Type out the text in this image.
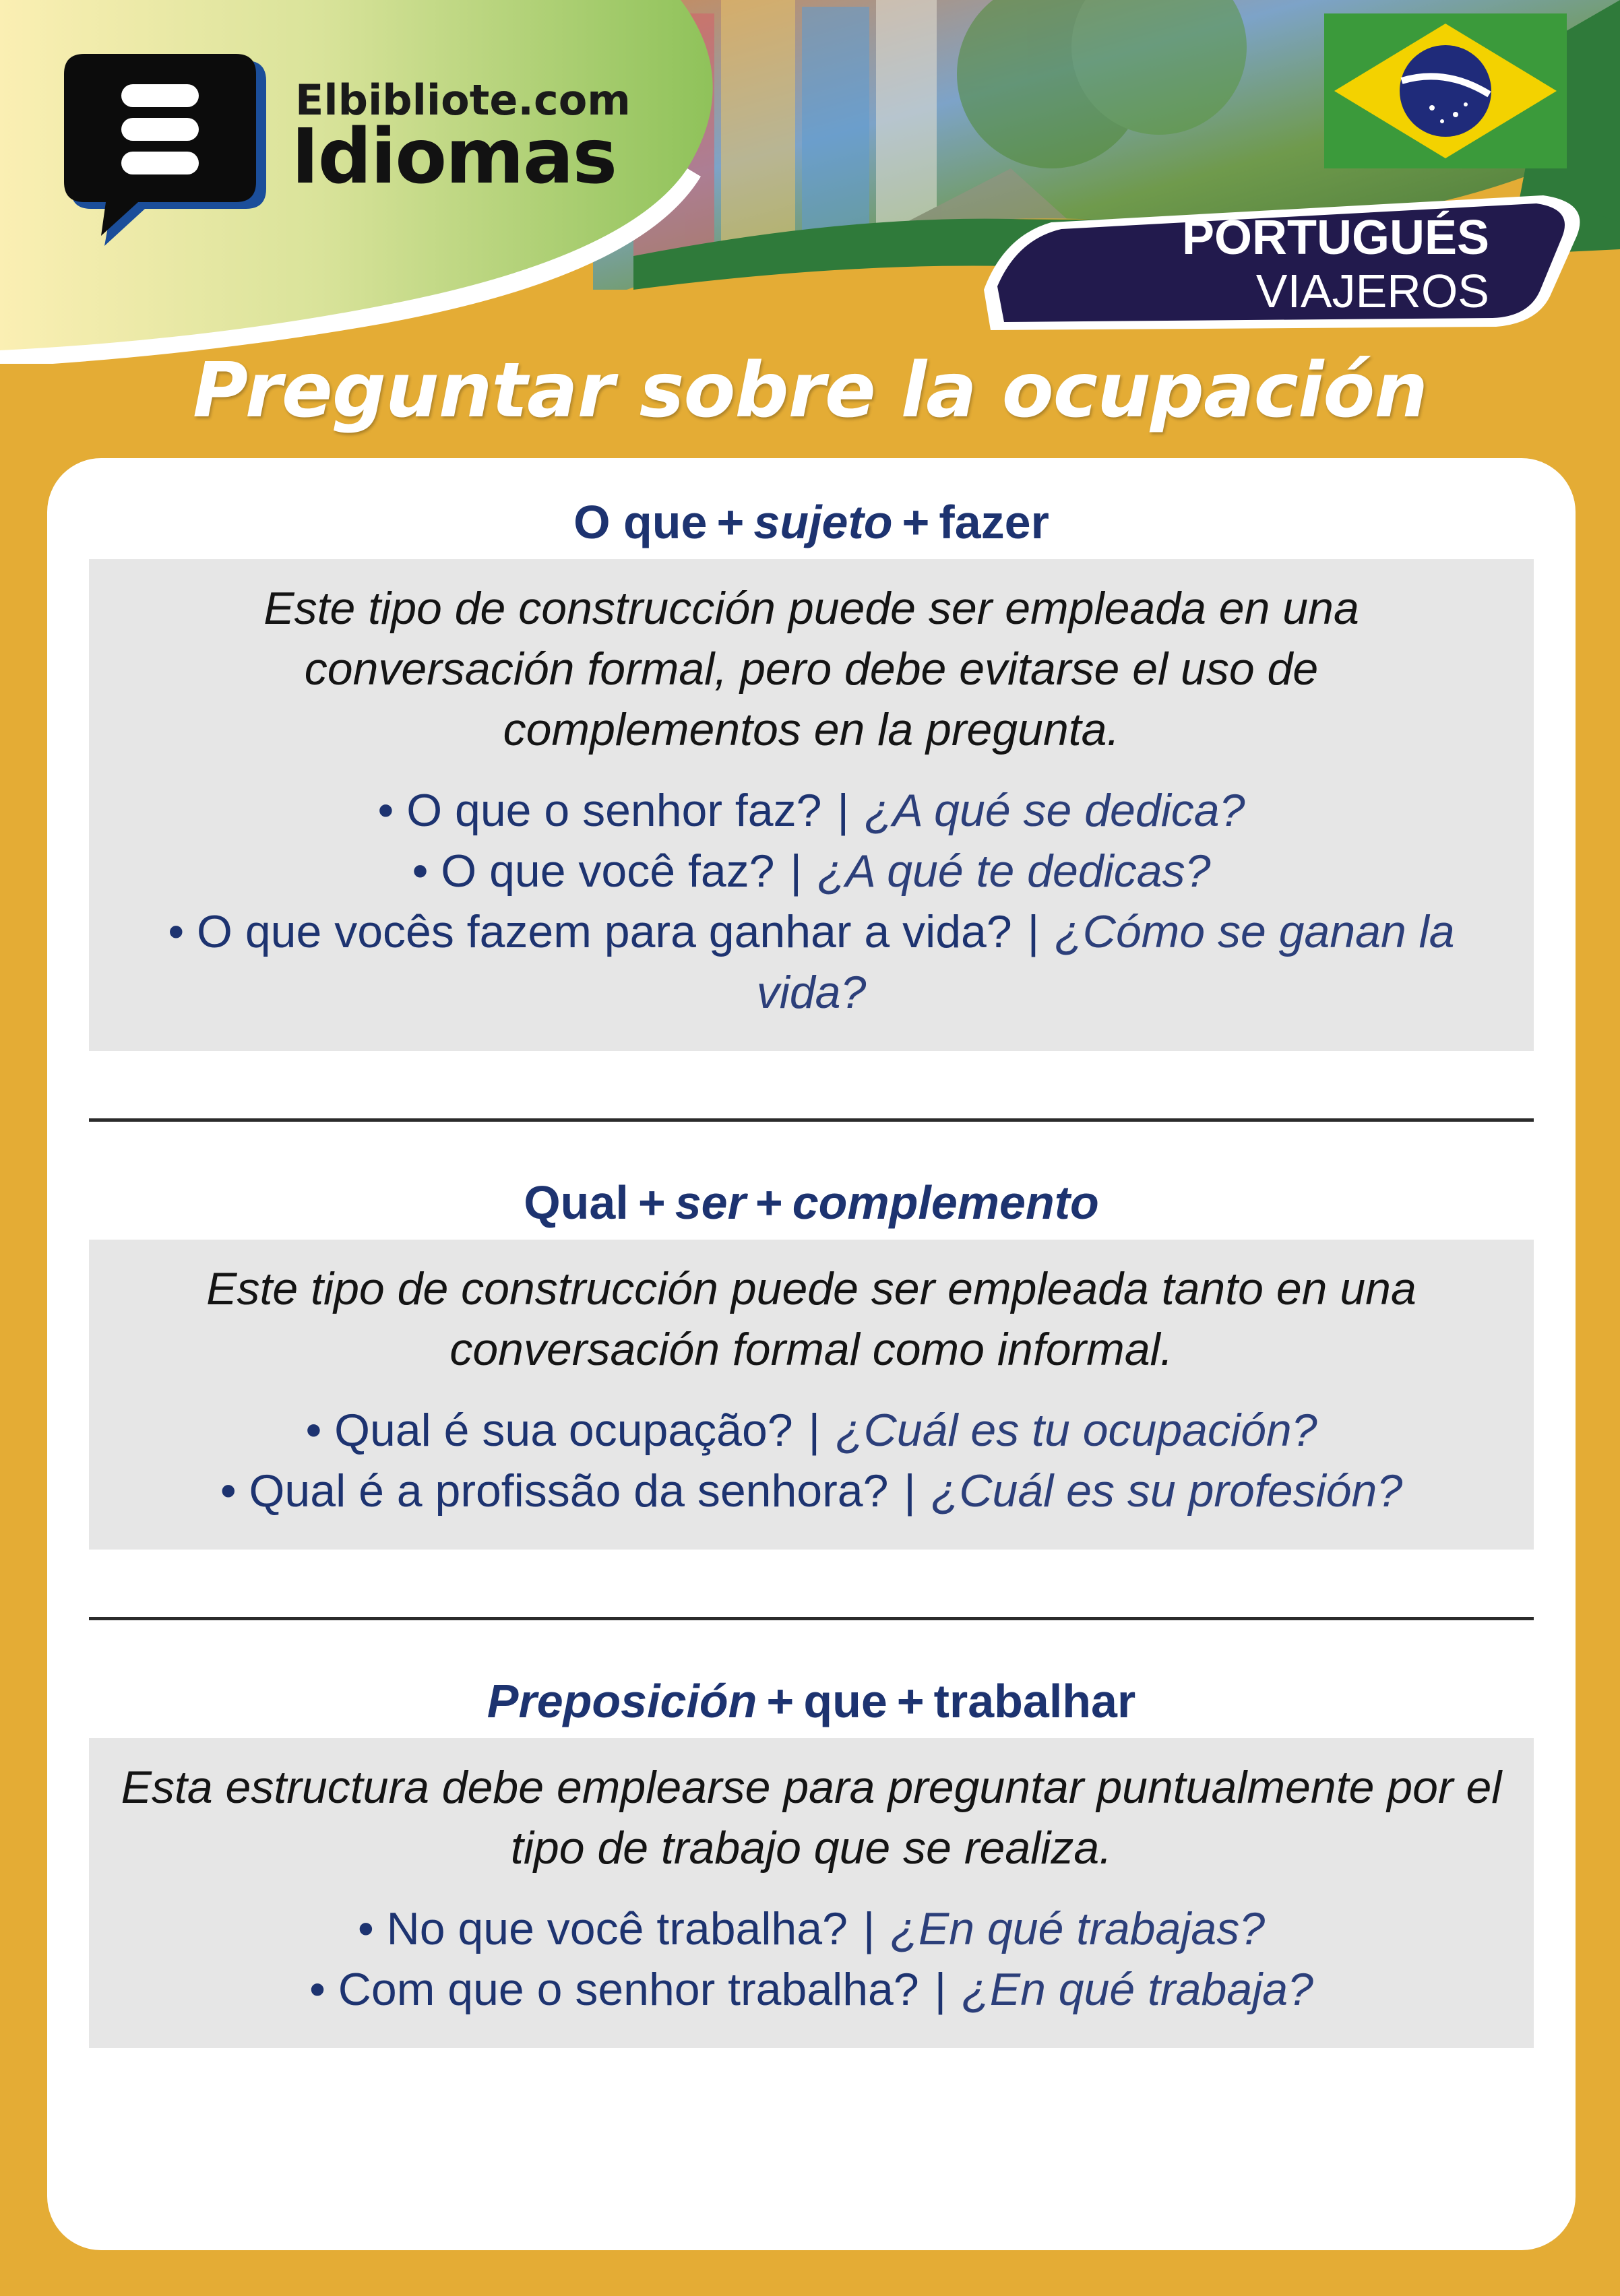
Elbibliote.com
Idiomas
PORTUGUÉS
VIAJEROS
Preguntar sobre la ocupación
O que + sujeto + fazer
Este tipo de construcción puede ser empleada en una conversación formal, pero debe evitarse el uso de complementos en la pregunta.
• O que o senhor faz? | ¿A qué se dedica?
• O que você faz? | ¿A qué te dedicas?
• O que vocês fazem para ganhar a vida? | ¿Cómo se ganan la vida?
Qual + ser + complemento
Este tipo de construcción puede ser empleada tanto en una conversación formal como informal.
• Qual é sua ocupação? | ¿Cuál es tu ocupación?
• Qual é a profissão da senhora? | ¿Cuál es su profesión?
Preposición + que + trabalhar
Esta estructura debe emplearse para preguntar puntualmente por el tipo de trabajo que se realiza.
• No que você trabalha? | ¿En qué trabajas?
• Com que o senhor trabalha? | ¿En qué trabaja?
